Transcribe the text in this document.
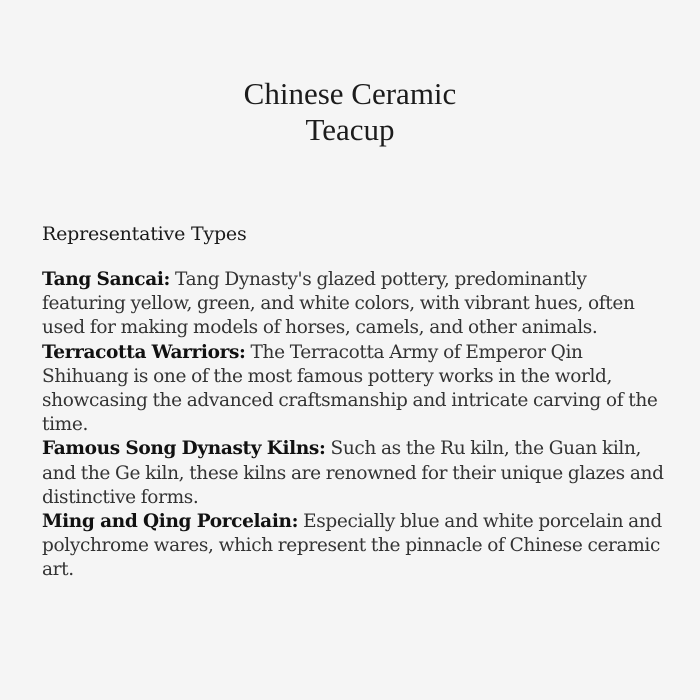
Chinese Ceramic
Teacup
Representative Types
Tang Sancai: Tang Dynasty's glazed pottery, predominantly featuring yellow, green, and white colors, with vibrant hues, often used for making models of horses, camels, and other animals.
Terracotta Warriors: The Terracotta Army of Emperor Qin Shihuang is one of the most famous pottery works in the world, showcasing the advanced craftsmanship and intricate carving of the time.
Famous Song Dynasty Kilns: Such as the Ru kiln, the Guan kiln, and the Ge kiln, these kilns are renowned for their unique glazes and distinctive forms.
Ming and Qing Porcelain: Especially blue and white porcelain and polychrome wares, which represent the pinnacle of Chinese ceramic art.
